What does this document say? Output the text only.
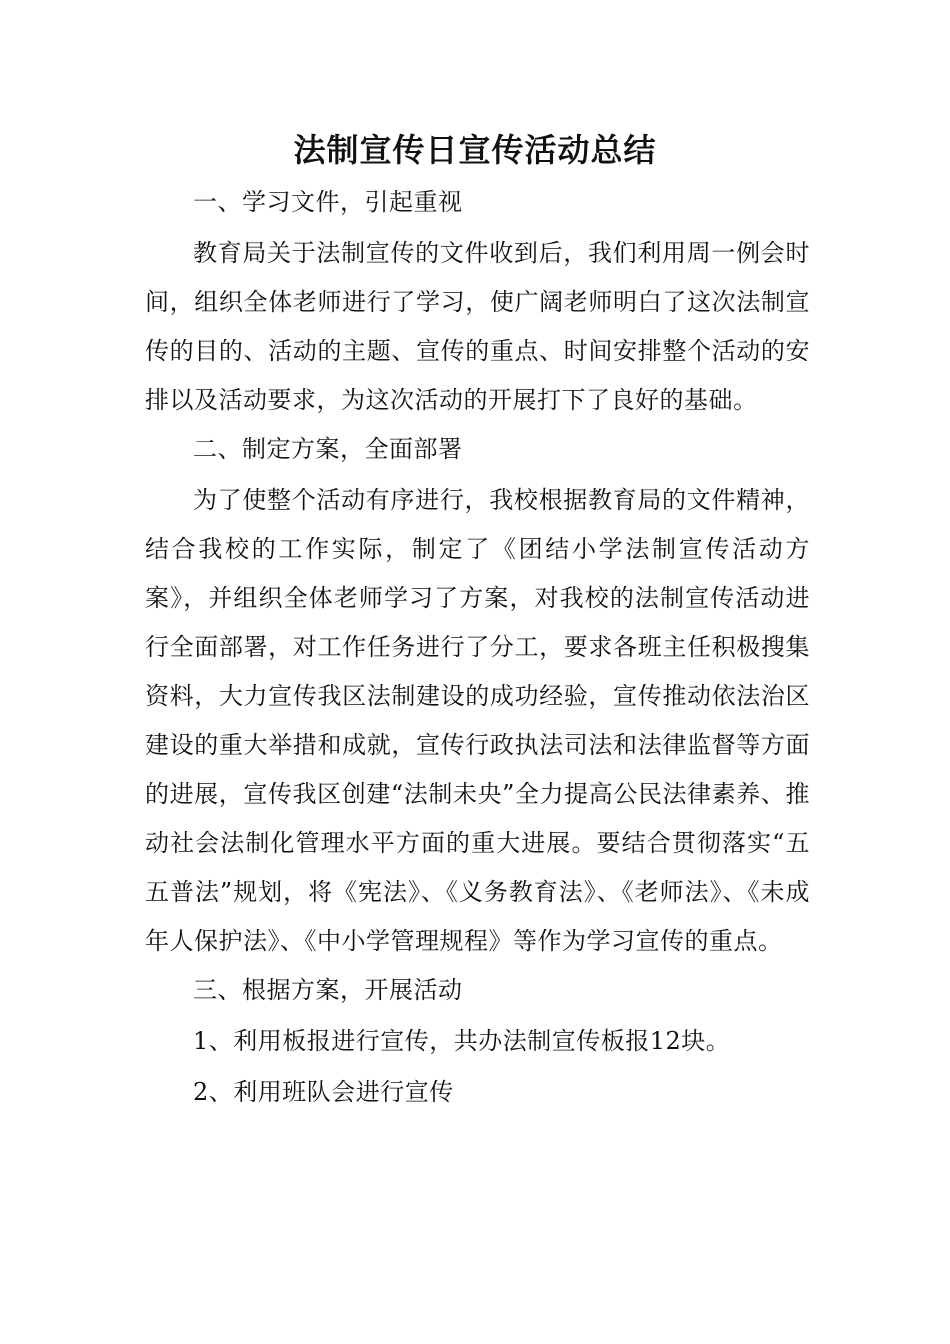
法制宣传日宣传活动总结

一、学习文件，引起重视

教育局关于法制宣传的文件收到后，我们利用周一例会时间，组织全体老师进行了学习，使广阔老师明白了这次法制宣传的目的、活动的主题、宣传的重点、时间安排整个活动的安排以及活动要求，为这次活动的开展打下了良好的基础。

二、制定方案，全面部署

为了使整个活动有序进行，我校根据教育局的文件精神，结合我校的工作实际，制定了《团结小学法制宣传活动方案》，并组织全体老师学习了方案，对我校的法制宣传活动进行全面部署，对工作任务进行了分工，要求各班主任积极搜集资料，大力宣传我区法制建设的成功经验，宣传推动依法治区建设的重大举措和成就，宣传行政执法司法和法律监督等方面的进展，宣传我区创建“法制未央”全力提高公民法律素养、推动社会法制化管理水平方面的重大进展。要结合贯彻落实“五五普法”规划，将《宪法》、《义务教育法》、《老师法》、《未成年人保护法》、《中小学管理规程》等作为学习宣传的重点。

三、根据方案，开展活动

1、利用板报进行宣传，共办法制宣传板报12块。

2、利用班队会进行宣传
